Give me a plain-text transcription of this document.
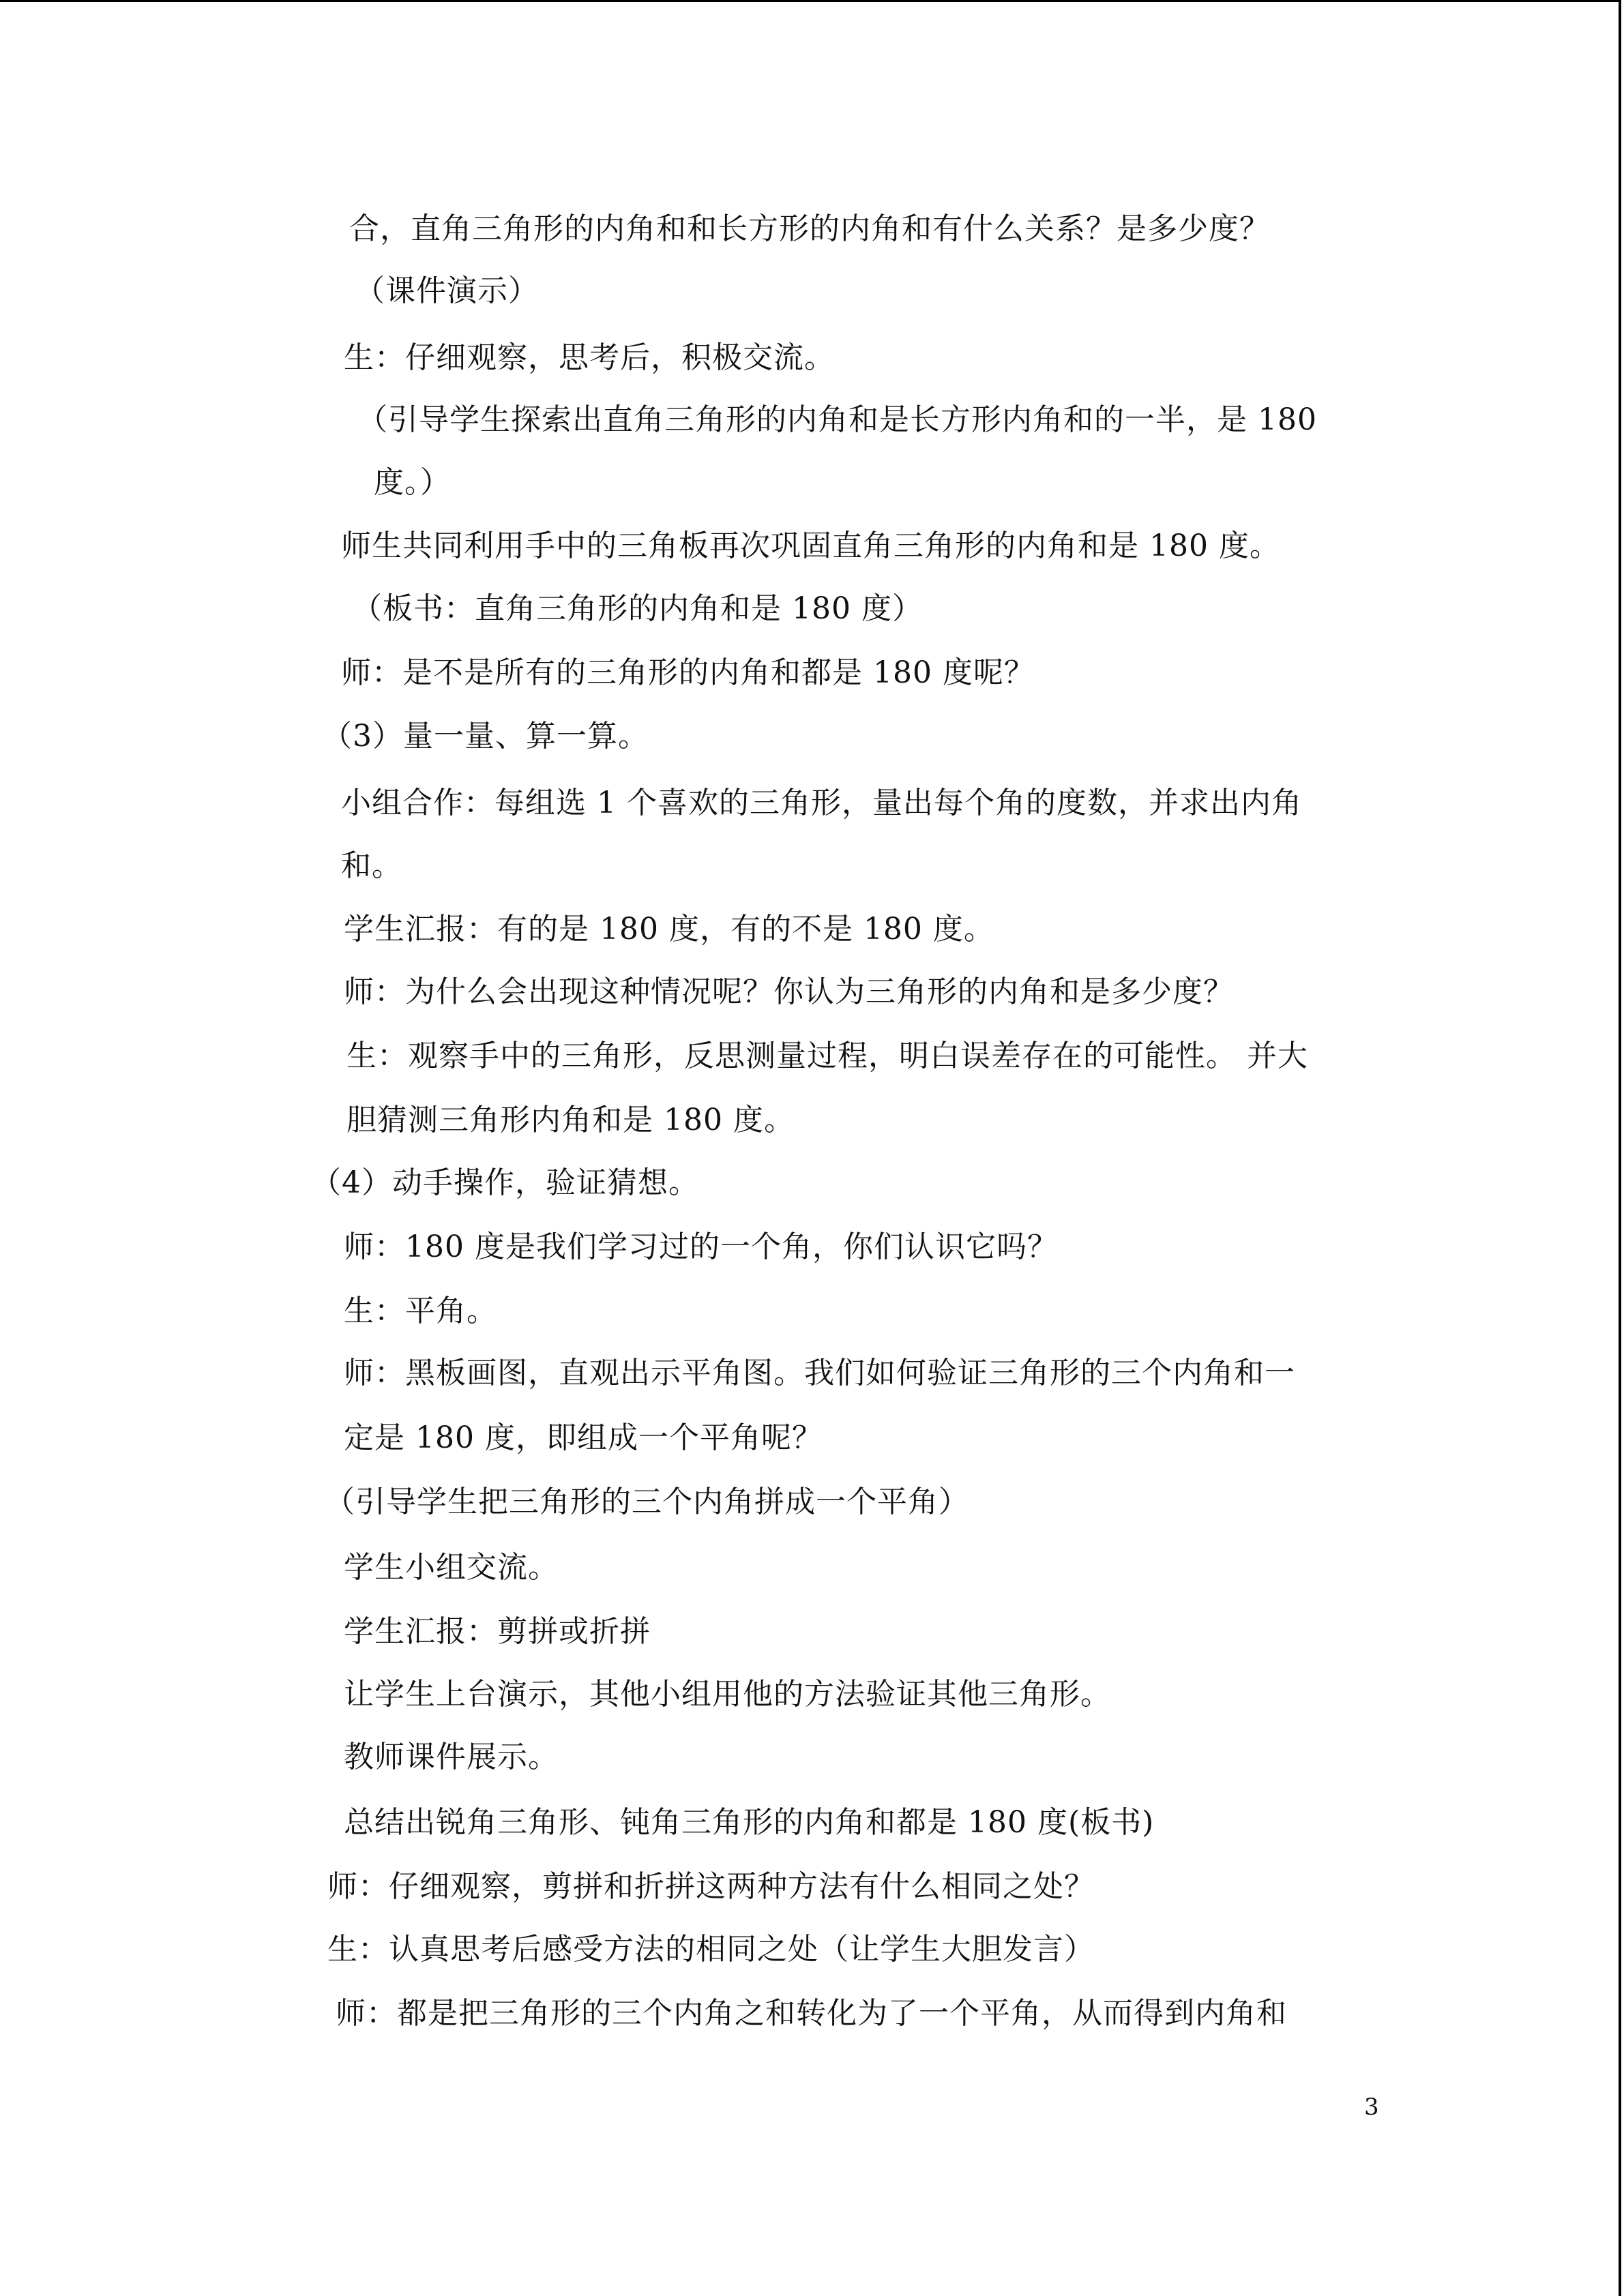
合，直角三角形的内角和和长方形的内角和有什么关系？是多少度？
（课件演示）
生：仔细观察，思考后，积极交流。
（引导学生探索出直角三角形的内角和是长方形内角和的一半，是 180
度。）
师生共同利用手中的三角板再次巩固直角三角形的内角和是 180 度。
（板书：直角三角形的内角和是 180 度）
师：是不是所有的三角形的内角和都是 180 度呢？
（3）量一量、算一算。
小组合作：每组选 1 个喜欢的三角形，量出每个角的度数，并求出内角
和。
学生汇报：有的是 180 度，有的不是 180 度。
师：为什么会出现这种情况呢？你认为三角形的内角和是多少度？
生：观察手中的三角形，反思测量过程，明白误差存在的可能性。 并大
胆猜测三角形内角和是 180 度。
（4）动手操作，验证猜想。
师：180 度是我们学习过的一个角，你们认识它吗？
生：平角。
师：黑板画图，直观出示平角图。我们如何验证三角形的三个内角和一
定是 180 度，即组成一个平角呢？
（引导学生把三角形的三个内角拼成一个平角）
学生小组交流。
学生汇报：剪拼或折拼
让学生上台演示，其他小组用他的方法验证其他三角形。
教师课件展示。
总结出锐角三角形、钝角三角形的内角和都是 180 度(板书)
师：仔细观察，剪拼和折拼这两种方法有什么相同之处？
生：认真思考后感受方法的相同之处（让学生大胆发言）
师：都是把三角形的三个内角之和转化为了一个平角，从而得到内角和
3
